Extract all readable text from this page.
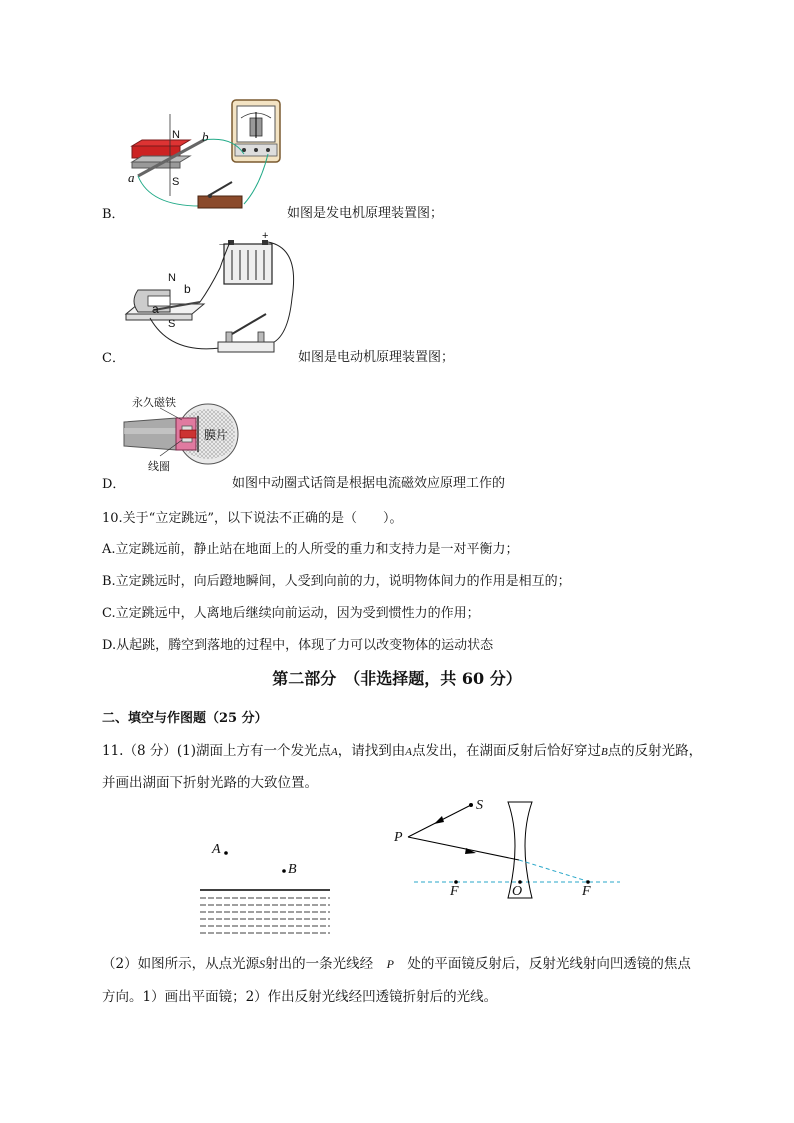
N b
a	S
B．	如图是发电机原理装置图；
－
+
N
b
a
S
C．	如图是电动机原理装置图；
永久磁铁
膜片
线圈
D．	如图中动圈式话筒是根据电流磁效应原理工作的
10.关于“立定跳远”，以下说法不正确的是（　　）。
A.立定跳远前，静止站在地面上的人所受的重力和支持力是一对平衡力；
B.立定跳远时，向后蹬地瞬间，人受到向前的力，说明物体间力的作用是相互的；
C.立定跳远中，人离地后继续向前运动，因为受到惯性力的作用；
D.从起跳，腾空到落地的过程中，体现了力可以改变物体的运动状态
第二部分　（非选择题，共 60 分）
二、填空与作图题（25 分）
11.（8 分）(1)湖面上方有一个发光点A，请找到由A点发出，在湖面反射后恰好穿过B点的反射光路，
并画出湖面下折射光路的大致位置。
A
B
S
P
F	O	F
（2）如图所示，从点光源S射出的一条光线经　P　处的平面镜反射后，反射光线射向凹透镜的焦点
方向。1）画出平面镜；2）作出反射光线经凹透镜折射后的光线。
